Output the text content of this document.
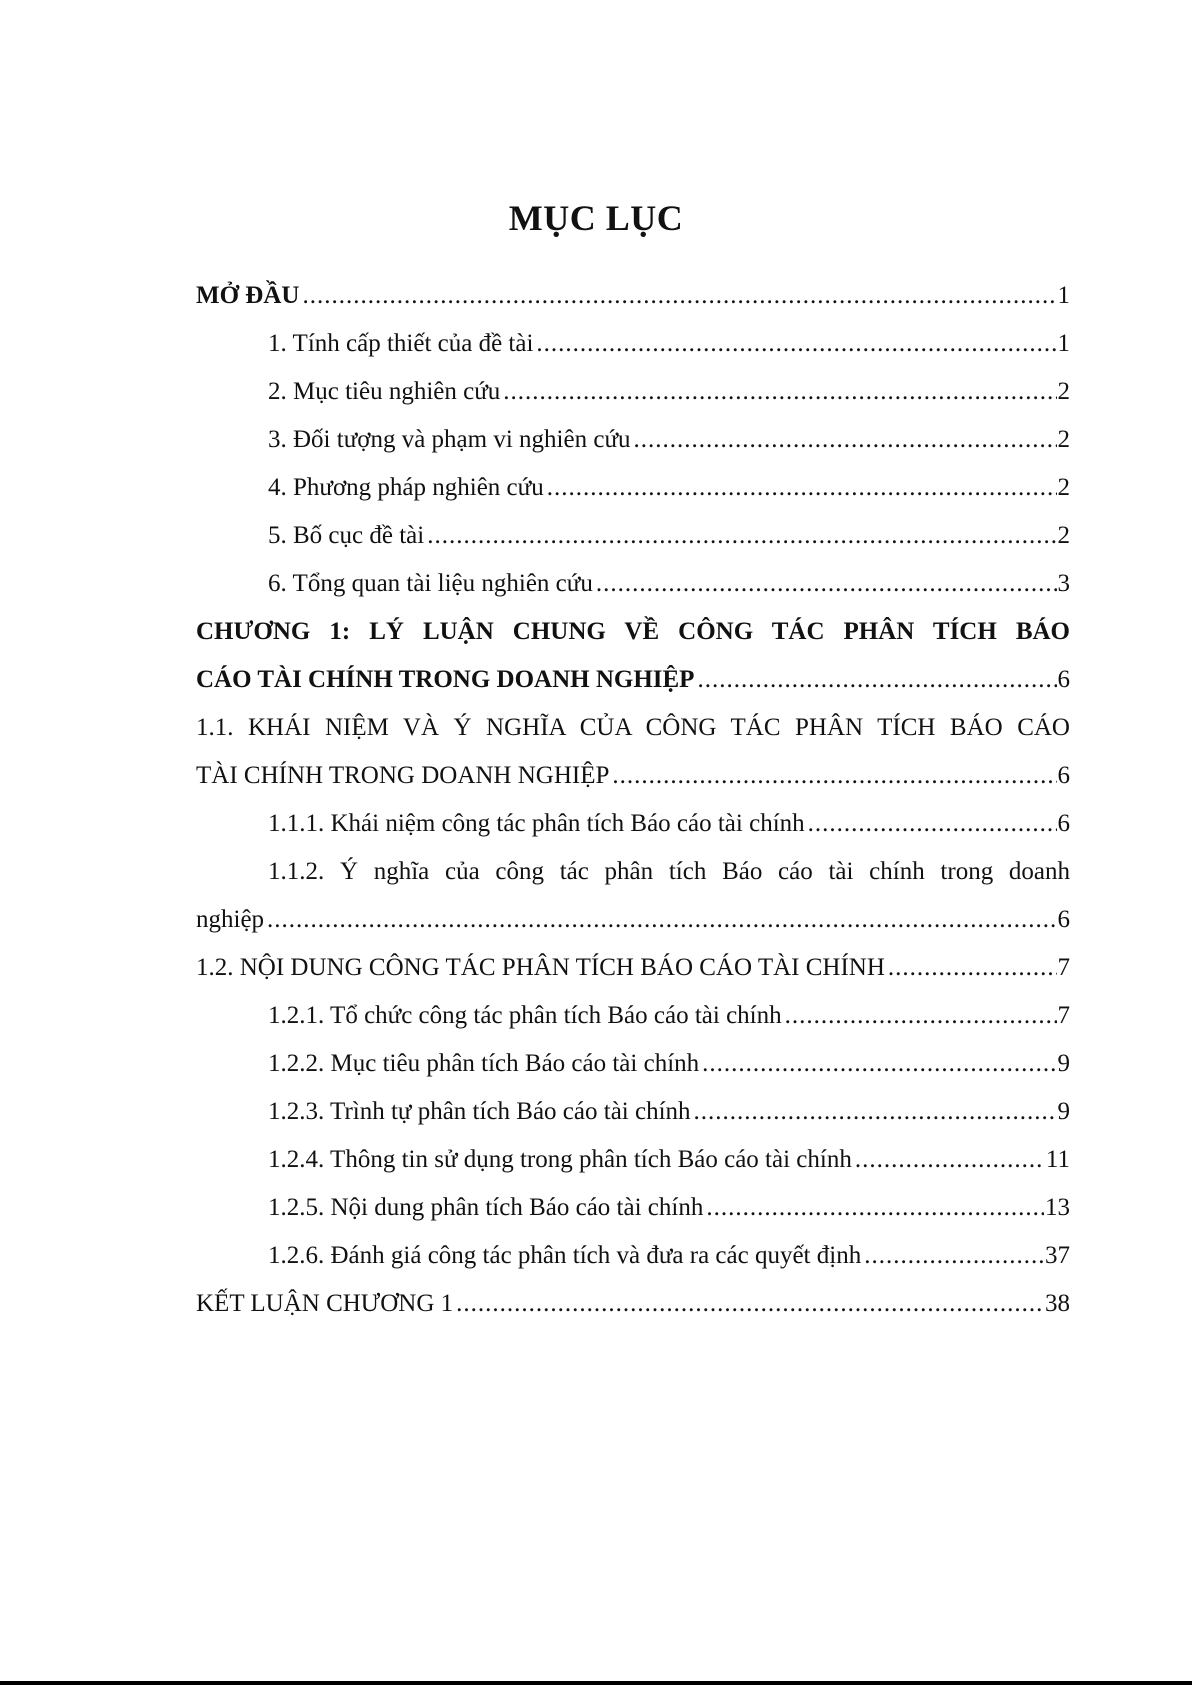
MỤC LỤC
MỞ ĐẦU .....	1
1. Tính cấp thiết của đề tài .....	1
2. Mục tiêu nghiên cứu .....	2
3. Đối tượng và phạm vi nghiên cứu .....	2
4. Phương pháp nghiên cứu .....	2
5. Bố cục đề tài .....	2
6. Tổng quan tài liệu nghiên cứu .....	3
CHƯƠNG 1: LÝ LUẬN CHUNG VỀ CÔNG TÁC PHÂN TÍCH BÁO
CÁO TÀI CHÍNH TRONG DOANH NGHIỆP .....	6
1.1. KHÁI NIỆM VÀ Ý NGHĨA CỦA CÔNG TÁC PHÂN TÍCH BÁO CÁO
TÀI CHÍNH TRONG DOANH NGHIỆP .....	6
1.1.1. Khái niệm công tác phân tích Báo cáo tài chính .....	6
1.1.2. Ý nghĩa của công tác phân tích Báo cáo tài chính trong doanh
nghiệp .....	6
1.2. NỘI DUNG CÔNG TÁC PHÂN TÍCH BÁO CÁO TÀI CHÍNH .....	7
1.2.1. Tổ chức công tác phân tích Báo cáo tài chính .....	7
1.2.2. Mục tiêu phân tích Báo cáo tài chính .....	9
1.2.3. Trình tự phân tích Báo cáo tài chính .....	9
1.2.4. Thông tin sử dụng trong phân tích Báo cáo tài chính .....	11
1.2.5. Nội dung phân tích Báo cáo tài chính .....	13
1.2.6. Đánh giá công tác phân tích và đưa ra các quyết định .....	37
KẾT LUẬN CHƯƠNG 1 .....	38
